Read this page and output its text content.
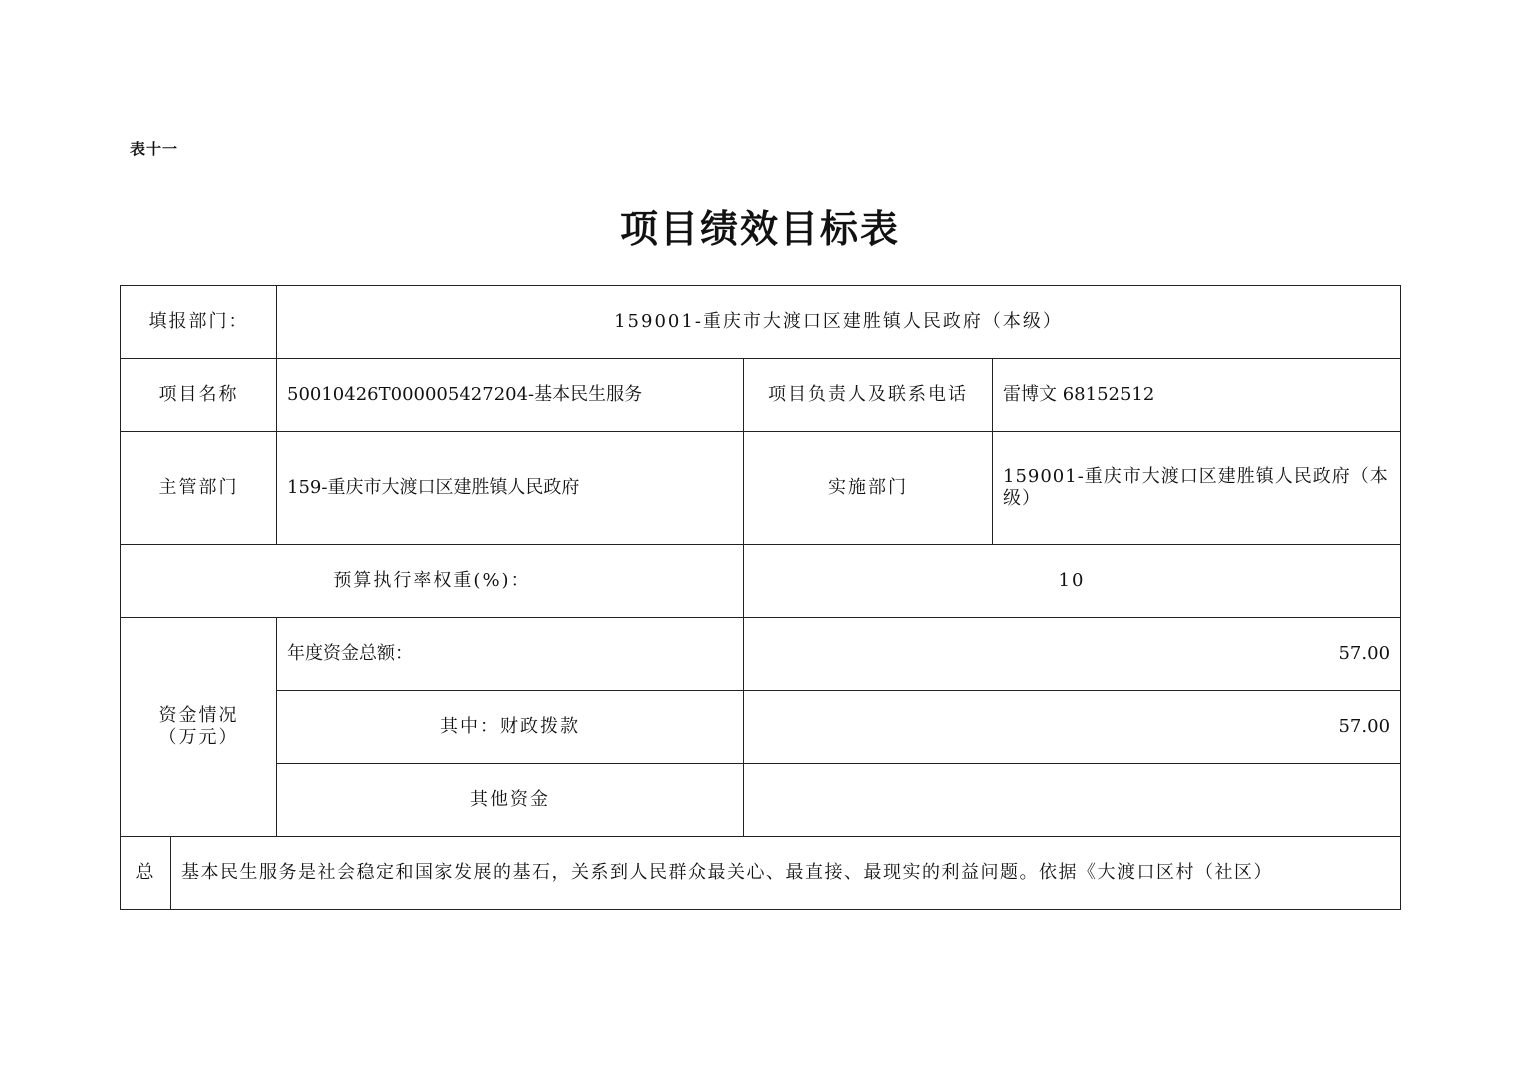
表十一
项目绩效目标表
填报部门：		159001-重庆市大渡口区建胜镇人民政府（本级）		
项目名称		50010426T000005427204-基本民生服务	项目负责人及联系电话	雷博文 68152512
主管部门		159-重庆市大渡口区建胜镇人民政府	实施部门	159001-重庆市大渡口区建胜镇人民政府（本
级）

预算执行率权重(%)：			10	

资金情况
（万元）		年度资金总额：	57.00	
		其中：财政拨款	57.00	
		其他资金		
总	基本民生服务是社会稳定和国家发展的基石，关系到人民群众最关心、最直接、最现实的利益问题。依据《大渡口区村（社区）			
